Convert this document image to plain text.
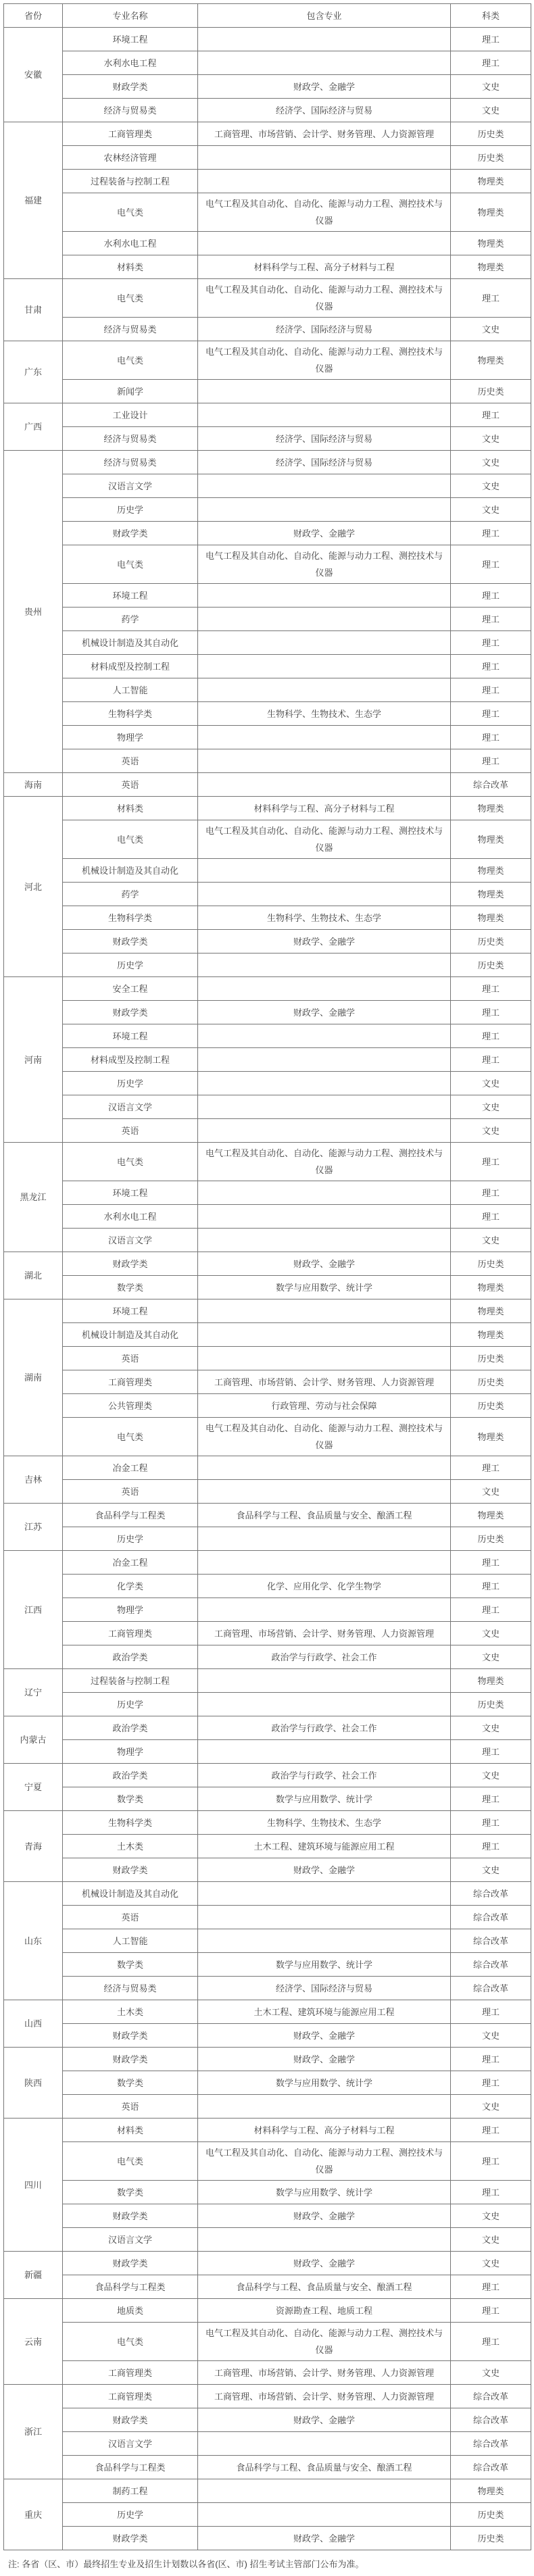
省份	专业名称	包含专业	科类
安徽	环境工程		理工
	水利水电工程		理工
	财政学类	财政学、金融学	文史
	经济与贸易类	经济学、国际经济与贸易	文史
福建	工商管理类	工商管理、市场营销、会计学、财务管理、人力资源管理	历史类
	农林经济管理		历史类
	过程装备与控制工程		物理类
	电气类	电气工程及其自动化、自动化、能源与动力工程、测控技术与仪器	物理类
	水利水电工程		物理类
	材料类	材料科学与工程、高分子材料与工程	物理类
甘肃	电气类	电气工程及其自动化、自动化、能源与动力工程、测控技术与仪器	理工
	经济与贸易类	经济学、国际经济与贸易	文史
广东	电气类	电气工程及其自动化、自动化、能源与动力工程、测控技术与仪器	物理类
	新闻学		历史类
广西	工业设计		理工
	经济与贸易类	经济学、国际经济与贸易	文史
贵州	经济与贸易类	经济学、国际经济与贸易	文史
	汉语言文学		文史
	历史学		文史
	财政学类	财政学、金融学	理工
	电气类	电气工程及其自动化、自动化、能源与动力工程、测控技术与仪器	理工
	环境工程		理工
	药学		理工
	机械设计制造及其自动化		理工
	材料成型及控制工程		理工
	人工智能		理工
	生物科学类	生物科学、生物技术、生态学	理工
	物理学		理工
	英语		理工
海南	英语		综合改革
河北	材料类	材料科学与工程、高分子材料与工程	物理类
	电气类	电气工程及其自动化、自动化、能源与动力工程、测控技术与仪器	物理类
	机械设计制造及其自动化		物理类
	药学		物理类
	生物科学类	生物科学、生物技术、生态学	物理类
	财政学类	财政学、金融学	历史类
	历史学		历史类
河南	安全工程		理工
	财政学类	财政学、金融学	理工
	环境工程		理工
	材料成型及控制工程		理工
	历史学		文史
	汉语言文学		文史
	英语		文史
黑龙江	电气类	电气工程及其自动化、自动化、能源与动力工程、测控技术与仪器	理工
	环境工程		理工
	水利水电工程		理工
	汉语言文学		文史
湖北	财政学类	财政学、金融学	历史类
	数学类	数学与应用数学、统计学	物理类
湖南	环境工程		物理类
	机械设计制造及其自动化		物理类
	英语		历史类
	工商管理类	工商管理、市场营销、会计学、财务管理、人力资源管理	历史类
	公共管理类	行政管理、劳动与社会保障	历史类
	电气类	电气工程及其自动化、自动化、能源与动力工程、测控技术与仪器	物理类
吉林	冶金工程		理工
	英语		文史
江苏	食品科学与工程类	食品科学与工程、食品质量与安全、酿酒工程	物理类
	历史学		历史类
江西	冶金工程		理工
	化学类	化学、应用化学、化学生物学	理工
	物理学		理工
	工商管理类	工商管理、市场营销、会计学、财务管理、人力资源管理	文史
	政治学类	政治学与行政学、社会工作	文史
辽宁	过程装备与控制工程		物理类
	历史学		历史类
内蒙古	政治学类	政治学与行政学、社会工作	文史
	物理学		理工
宁夏	政治学类	政治学与行政学、社会工作	文史
	数学类	数学与应用数学、统计学	理工
青海	生物科学类	生物科学、生物技术、生态学	理工
	土木类	土木工程、建筑环境与能源应用工程	理工
	财政学类	财政学、金融学	文史
山东	机械设计制造及其自动化		综合改革
	英语		综合改革
	人工智能		综合改革
	数学类	数学与应用数学、统计学	综合改革
	经济与贸易类	经济学、国际经济与贸易	综合改革
山西	土木类	土木工程、建筑环境与能源应用工程	理工
	财政学类	财政学、金融学	文史
陕西	财政学类	财政学、金融学	理工
	数学类	数学与应用数学、统计学	理工
	英语		文史
四川	材料类	材料科学与工程、高分子材料与工程	理工
	电气类	电气工程及其自动化、自动化、能源与动力工程、测控技术与仪器	理工
	数学类	数学与应用数学、统计学	理工
	财政学类	财政学、金融学	文史
	汉语言文学		文史
新疆	财政学类	财政学、金融学	文史
	食品科学与工程类	食品科学与工程、食品质量与安全、酿酒工程	理工
云南	地质类	资源勘查工程、地质工程	理工
	电气类	电气工程及其自动化、自动化、能源与动力工程、测控技术与仪器	理工
	工商管理类	工商管理、市场营销、会计学、财务管理、人力资源管理	文史
浙江	工商管理类	工商管理、市场营销、会计学、财务管理、人力资源管理	综合改革
	财政学类	财政学、金融学	综合改革
	汉语言文学		综合改革
	食品科学与工程类	食品科学与工程、食品质量与安全、酿酒工程	综合改革
重庆	制药工程		物理类
	历史学		历史类
	财政学类	财政学、金融学	历史类

注: 各省（区、市）最终招生专业及招生计划数以各省(区、市) 招生考试主管部门公布为准。
